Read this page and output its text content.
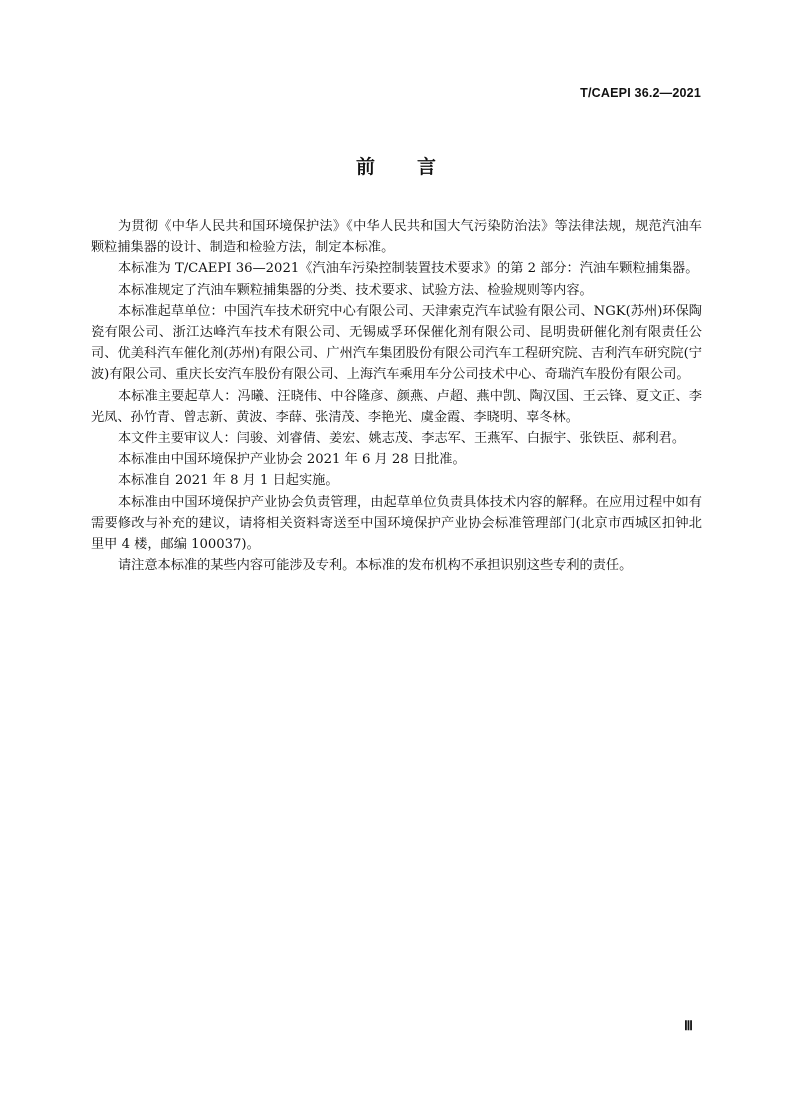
T/CAEPI 36.2—2021
前言

为贯彻《中华人民共和国环境保护法》《中华人民共和国大气污染防治法》等法律法规，规范汽油车颗粒捕集器的设计、制造和检验方法，制定本标准。

本标准为 T/CAEPI 36—2021《汽油车污染控制装置技术要求》的第 2 部分：汽油车颗粒捕集器。

本标准规定了汽油车颗粒捕集器的分类、技术要求、试验方法、检验规则等内容。

本标准起草单位：中国汽车技术研究中心有限公司、天津索克汽车试验有限公司、NGK(苏州)环保陶瓷有限公司、浙江达峰汽车技术有限公司、无锡威孚环保催化剂有限公司、昆明贵研催化剂有限责任公司、优美科汽车催化剂(苏州)有限公司、广州汽车集团股份有限公司汽车工程研究院、吉利汽车研究院(宁波)有限公司、重庆长安汽车股份有限公司、上海汽车乘用车分公司技术中心、奇瑞汽车股份有限公司。

本标准主要起草人：冯曦、汪晓伟、中谷隆彦、颜燕、卢超、燕中凯、陶汉国、王云锋、夏文正、李光凤、孙竹青、曾志新、黄波、李薛、张清茂、李艳光、虞金霞、李晓明、辜冬林。

本文件主要审议人：闫骏、刘睿倩、姜宏、姚志茂、李志军、王燕军、白振宇、张铁臣、郝利君。

本标准由中国环境保护产业协会 2021 年 6 月 28 日批准。

本标准自 2021 年 8 月 1 日起实施。

本标准由中国环境保护产业协会负责管理，由起草单位负责具体技术内容的解释。在应用过程中如有需要修改与补充的建议，请将相关资料寄送至中国环境保护产业协会标准管理部门(北京市西城区扣钟北里甲 4 楼，邮编 100037)。

请注意本标准的某些内容可能涉及专利。本标准的发布机构不承担识别这些专利的责任。

Ⅲ
